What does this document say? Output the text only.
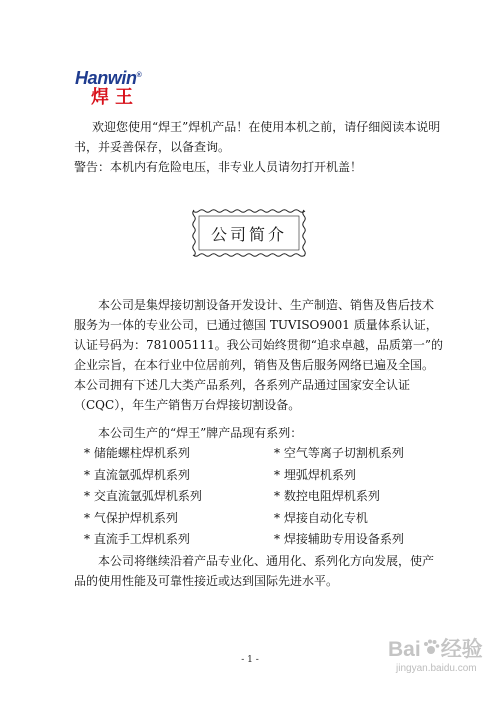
Hanwin®
焊王
欢迎您使用“焊王”焊机产品！在使用本机之前，请仔细阅读本说明书，并妥善保存，以备查询。
警告：本机内有危险电压，非专业人员请勿打开机盖！
公司简介
本公司是集焊接切割设备开发设计、生产制造、销售及售后技术服务为一体的专业公司，已通过德国 TUVISO9001 质量体系认证，认证号码为：781005111。我公司始终贯彻“追求卓越，品质第一”的企业宗旨，在本行业中位居前列，销售及售后服务网络已遍及全国。本公司拥有下述几大类产品系列，各系列产品通过国家安全认证（CQC），年生产销售万台焊接切割设备。
本公司生产的“焊王”牌产品现有系列：
* 储能螺柱焊机系列	* 空气等离子切割机系列
* 直流氩弧焊机系列	* 埋弧焊机系列
* 交直流氩弧焊机系列	* 数控电阻焊机系列
* 气保护焊机系列	* 焊接自动化专机
* 直流手工焊机系列	* 焊接辅助专用设备系列
本公司将继续沿着产品专业化、通用化、系列化方向发展，使产品的使用性能及可靠性接近或达到国际先进水平。
- 1 -	Bai 经验
jingyan.baidu.com
